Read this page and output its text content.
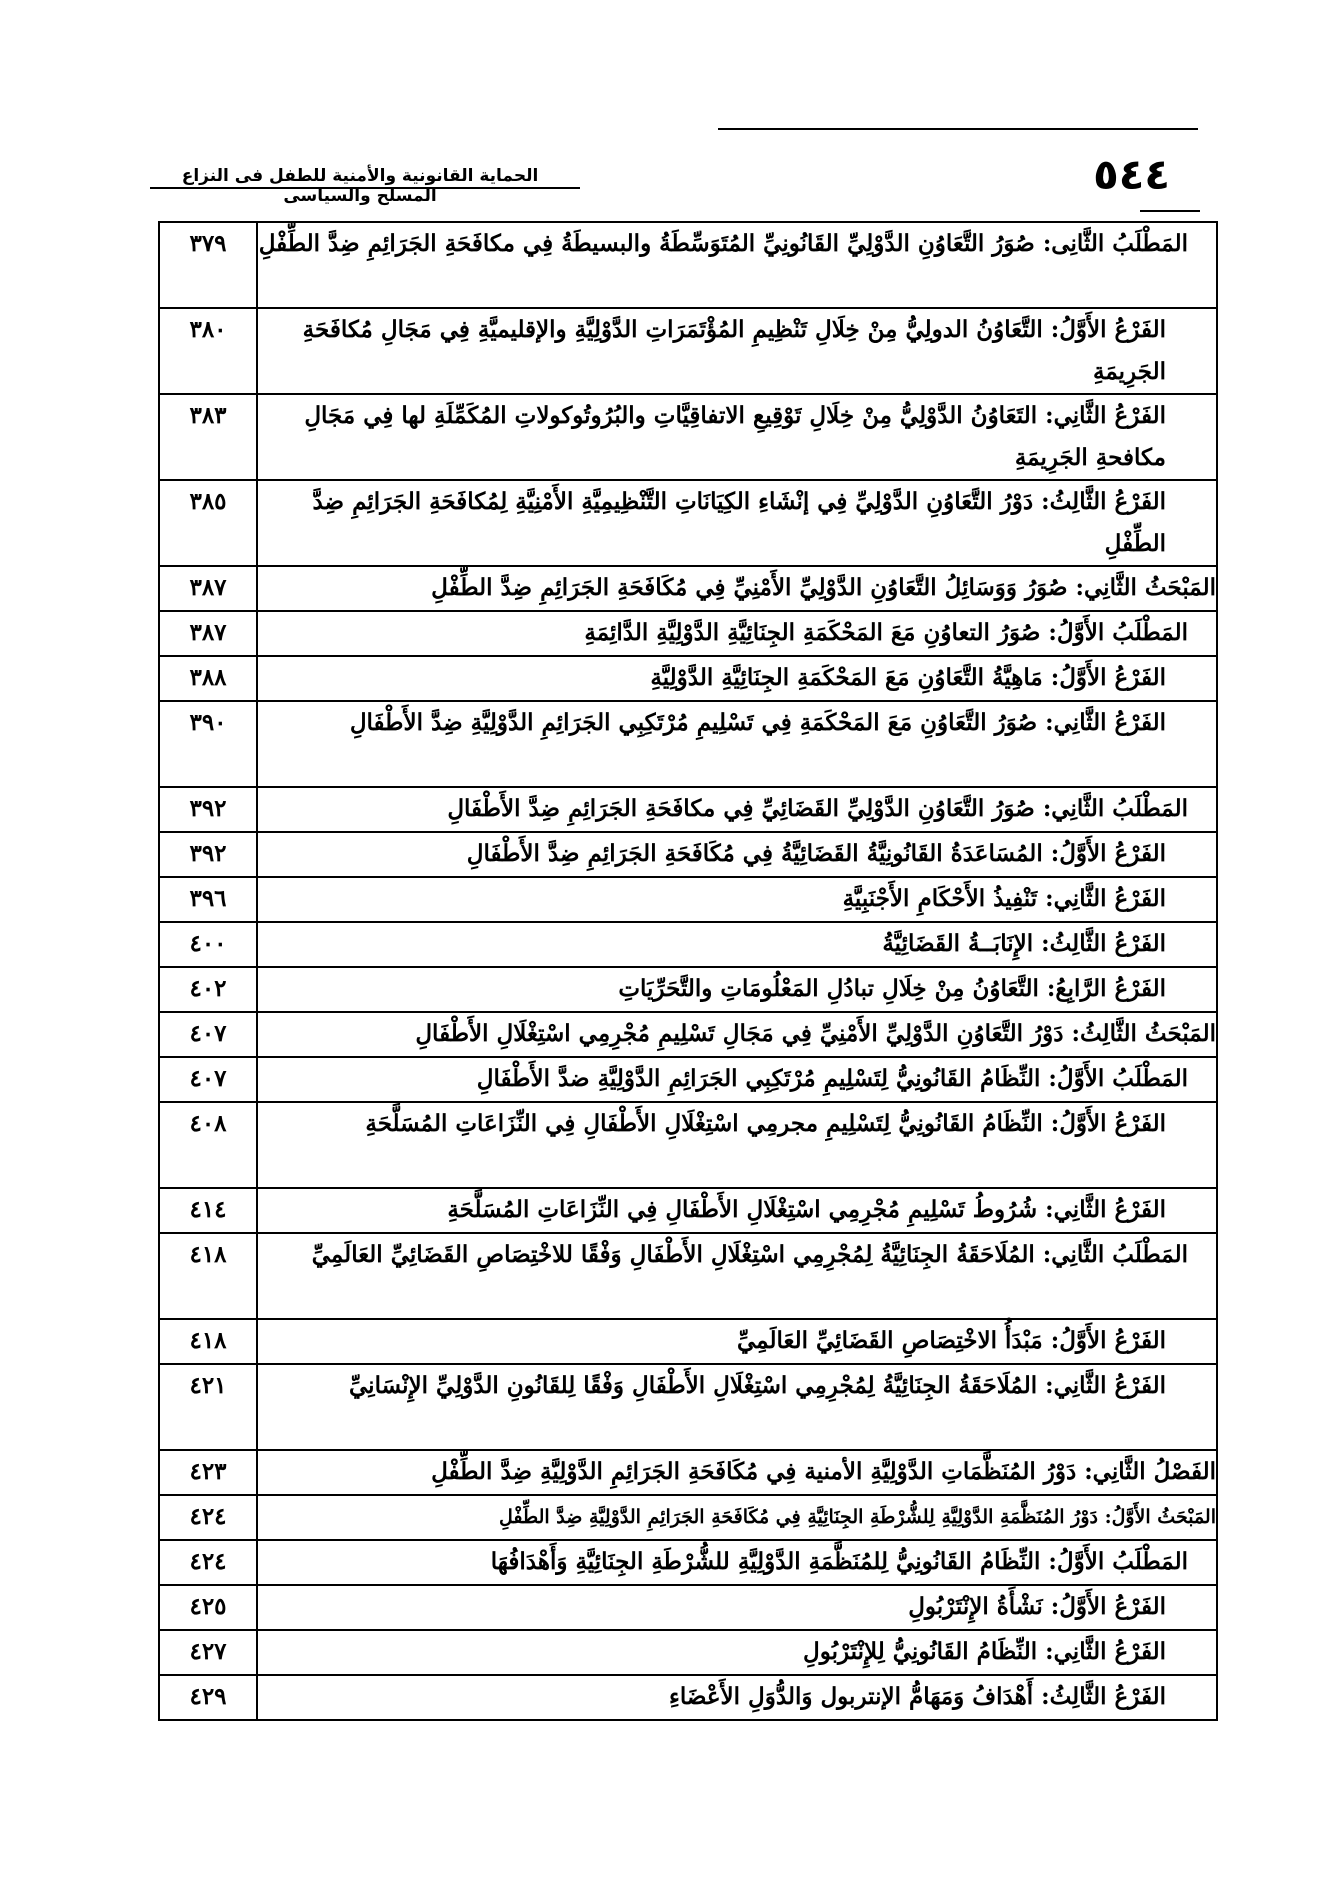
الحماية القانونية والأمنية للطفل فى النزاع المسلح والسياسى	٥٤٤
٣٧٩	المَطْلَبُ الثَّانِى: صُوَرُ التَّعَاوُنِ الدَّوْلِيِّ القَانُونِيِّ المُتَوَسِّطَةُ والبسيطَةُ فِي مكافَحَةِ الجَرَائِمِ ضِدَّ الطِّفْلِ
٣٨٠	الفَرْعُ الأَوَّلُ: التَّعَاوُنُ الدولِيُّ مِنْ خِلَالِ تَنْظِيمِ المُؤْتَمَرَاتِ الدَّوْلِيَّةِ والإقليميَّةِ فِي مَجَالِ مُكافَحَةِ الجَرِيمَةِ
٣٨٣	الفَرْعُ الثَّانِي: التَعَاوُنُ الدَّوْلِيُّ مِنْ خِلَالِ تَوْقِيعِ الاتفاقِيَّاتِ والبُرُوتُوكولاتِ المُكَمِّلَةِ لها فِي مَجَالِ مكافحةِ الجَرِيمَةِ
٣٨٥	الفَرْعُ الثَّالِثُ: دَوْرُ التَّعَاوُنِ الدَّوْلِيِّ فِي إنْشَاءِ الكِيَانَاتِ التَّنْظِيمِيَّةِ الأَمْنِيَّةِ لِمُكافَحَةِ الجَرَائِمِ ضِدَّ الطِّفْلِ
٣٨٧	المَبْحَثُ الثَّانِي: صُوَرُ وَوَسَائِلُ التَّعَاوُنِ الدَّوْلِيِّ الأَمْنِيِّ فِي مُكَافَحَةِ الجَرَائِمِ ضِدَّ الطِّفْلِ
٣٨٧	المَطْلَبُ الأَوَّلُ: صُوَرُ التعاوُنِ مَعَ المَحْكَمَةِ الجِنَائِيَّةِ الدَّوْلِيَّةِ الدَّائِمَةِ
٣٨٨	الفَرْعُ الأَوَّلُ: مَاهِيَّةُ التَّعَاوُنِ مَعَ المَحْكَمَةِ الجِنَائِيَّةِ الدَّوْلِيَّةِ
٣٩٠	الفَرْعُ الثَّانِي: صُوَرُ التَّعَاوُنِ مَعَ المَحْكَمَةِ فِي تَسْلِيمِ مُرْتَكِبِي الجَرَائِمِ الدَّوْلِيَّةِ ضِدَّ الأَطْفَالِ
٣٩٢	المَطْلَبُ الثَّانِي: صُوَرُ التَّعَاوُنِ الدَّوْلِيِّ القَضَائِيِّ فِي مكافَحَةِ الجَرَائِمِ ضِدَّ الأَطْفَالِ
٣٩٢	الفَرْعُ الأَوَّلُ: المُسَاعَدَةُ القَانُونِيَّةُ القَضَائِيَّةُ فِي مُكَافَحَةِ الجَرَائِمِ ضِدَّ الأَطْفَالِ
٣٩٦	الفَرْعُ الثَّانِي: تَنْفِيذُ الأَحْكَامِ الأَجْنَبِيَّةِ
٤٠٠	الفَرْعُ الثَّالِثُ: الإِنَابَــةُ القَضَائِيَّةُ
٤٠٢	الفَرْعُ الرَّابِعُ: التَّعَاوُنُ مِنْ خِلَالِ تبادُلِ المَعْلُومَاتِ والتَّحَرِّيَاتِ
٤٠٧	المَبْحَثُ الثَّالِثُ: دَوْرُ التَّعَاوُنِ الدَّوْلِيِّ الأَمْنِيِّ فِي مَجَالِ تَسْلِيمِ مُجْرِمِي اسْتِغْلَالِ الأَطْفَالِ
٤٠٧	المَطْلَبُ الأَوَّلُ: النِّظَامُ القَانُونِيُّ لِتَسْلِيمِ مُرْتَكِبِي الجَرَائِمِ الدَّوْلِيَّةِ ضدَّ الأَطْفَالِ
٤٠٨	الفَرْعُ الأَوَّلُ: النِّظَامُ القَانُونِيُّ لِتَسْلِيمِ مجرمِي اسْتِغْلَالِ الأَطْفَالِ فِي النِّزَاعَاتِ المُسَلَّحَةِ
٤١٤	الفَرْعُ الثَّانِي: شُرُوطُ تَسْلِيمِ مُجْرِمِي اسْتِغْلَالِ الأَطْفَالِ فِي النِّزَاعَاتِ المُسَلَّحَةِ
٤١٨	المَطْلَبُ الثَّانِي: المُلَاحَقَةُ الجِنَائِيَّةُ لِمُجْرِمِي اسْتِغْلَالِ الأَطْفَالِ وَفْقًا للاخْتِصَاصِ القَضَائِيِّ العَالَمِيِّ
٤١٨	الفَرْعُ الأَوَّلُ: مَبْدَأُ الاخْتِصَاصِ القَضَائِيِّ العَالَمِيِّ
٤٢١	الفَرْعُ الثَّانِي: المُلَاحَقَةُ الجِنَائِيَّةُ لِمُجْرِمِي اسْتِغْلَالِ الأَطْفَالِ وَفْقًا لِلقَانُونِ الدَّوْلِيِّ الإِنْسَانِيِّ
٤٢٣	الفَصْلُ الثَّانِي: دَوْرُ المُنَظَّمَاتِ الدَّوْلِيَّةِ الأمنية فِي مُكَافَحَةِ الجَرَائِمِ الدَّوْلِيَّةِ ضِدَّ الطِّفْلِ
٤٢٤	المَبْحَثُ الأَوَّلُ: دَوْرُ المُنَظَّمَةِ الدَّوْلِيَّةِ لِلشُّرْطَةِ الجِنَائِيَّةِ فِي مُكَافَحَةِ الجَرَائِمِ الدَّوْلِيَّةِ ضِدَّ الطِّفْلِ
٤٢٤	المَطْلَبُ الأَوَّلُ: النِّظَامُ القَانُونِيُّ لِلمُنَظَّمَةِ الدَّوْلِيَّةِ للشُّرْطَةِ الجِنَائِيَّةِ وَأَهْدَافُهَا
٤٢٥	الفَرْعُ الأَوَّلُ: نَشْأَةُ الإِنْتَرْبُولِ
٤٢٧	الفَرْعُ الثَّانِي: النِّظَامُ القَانُونِيُّ لِلإِنْتَرْبُولِ
٤٢٩	الفَرْعُ الثَّالِثُ: أَهْدَافُ وَمَهَامُّ الإنتربول وَالدُّوَلِ الأَعْضَاءِ
